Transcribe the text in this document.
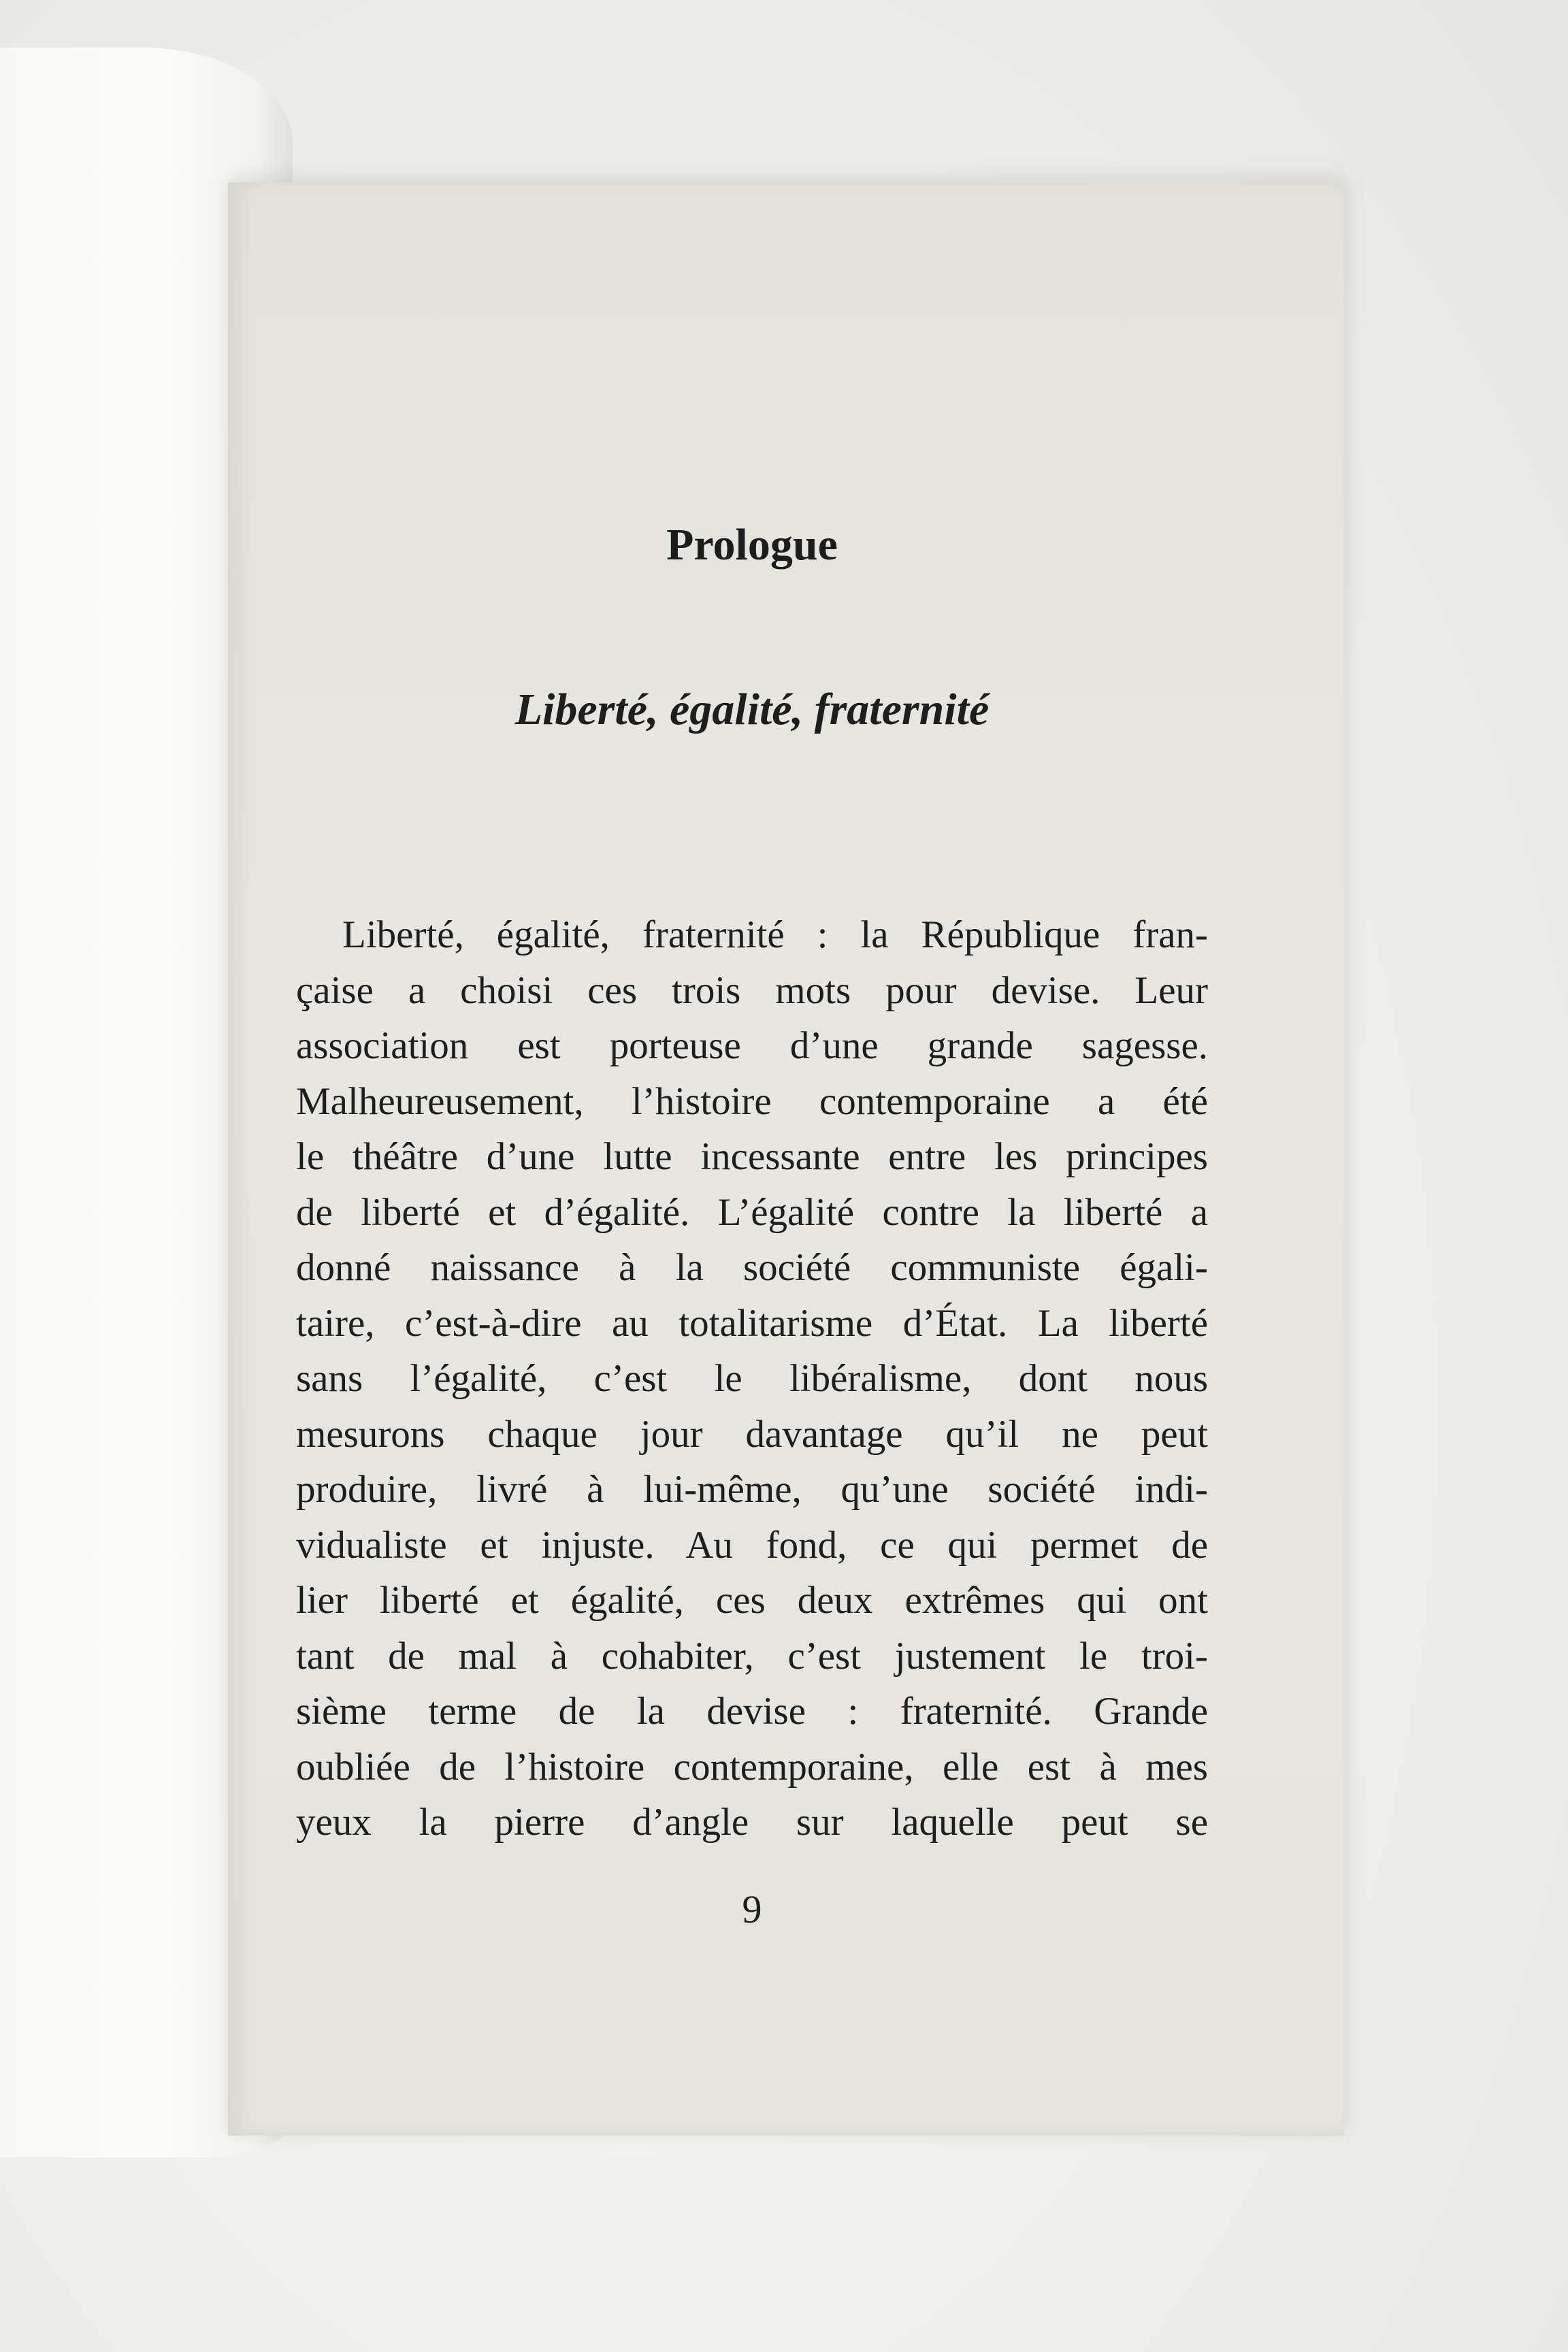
Prologue
Liberté, égalité, fraternité

Liberté, égalité, fraternité : la République fran-
çaise a choisi ces trois mots pour devise. Leur
association est porteuse d’une grande sagesse.
Malheureusement, l’histoire contemporaine a été
le théâtre d’une lutte incessante entre les principes
de liberté et d’égalité. L’égalité contre la liberté a
donné naissance à la société communiste égali-
taire, c’est-à-dire au totalitarisme d’État. La liberté
sans l’égalité, c’est le libéralisme, dont nous
mesurons chaque jour davantage qu’il ne peut
produire, livré à lui-même, qu’une société indi-
vidualiste et injuste. Au fond, ce qui permet de
lier liberté et égalité, ces deux extrêmes qui ont
tant de mal à cohabiter, c’est justement le troi-
sième terme de la devise : fraternité. Grande
oubliée de l’histoire contemporaine, elle est à mes
yeux la pierre d’angle sur laquelle peut se

9
